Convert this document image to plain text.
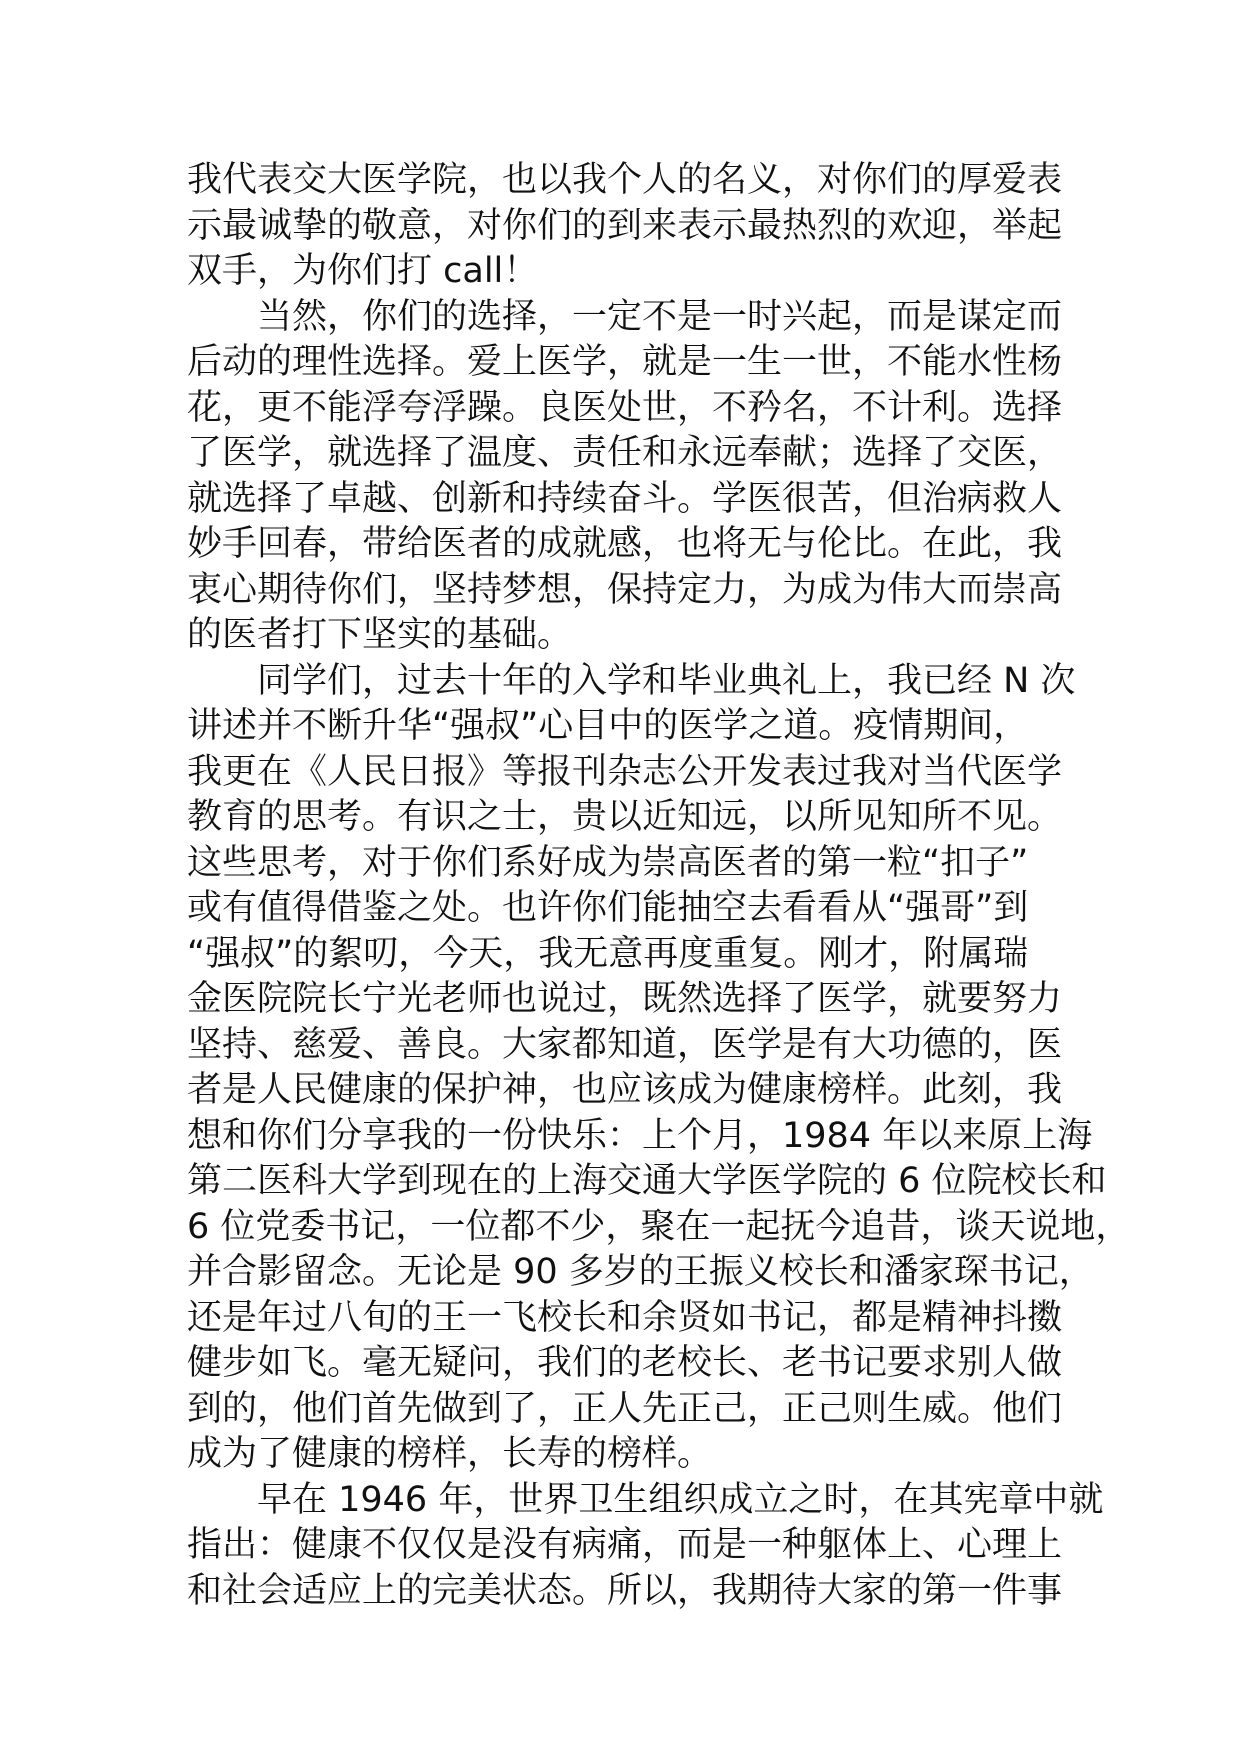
我代表交大医学院，也以我个人的名义，对你们的厚爱表
示最诚挚的敬意，对你们的到来表示最热烈的欢迎，举起
双手，为你们打 call！
当然，你们的选择，一定不是一时兴起，而是谋定而
后动的理性选择。爱上医学，就是一生一世，不能水性杨
花，更不能浮夸浮躁。良医处世，不矜名，不计利。选择
了医学，就选择了温度、责任和永远奉献；选择了交医，
就选择了卓越、创新和持续奋斗。学医很苦，但治病救人
妙手回春，带给医者的成就感，也将无与伦比。在此，我
衷心期待你们，坚持梦想，保持定力，为成为伟大而崇高
的医者打下坚实的基础。
同学们，过去十年的入学和毕业典礼上，我已经 N 次
讲述并不断升华“强叔”心目中的医学之道。疫情期间，
我更在《人民日报》等报刊杂志公开发表过我对当代医学
教育的思考。有识之士，贵以近知远，以所见知所不见。
这些思考，对于你们系好成为崇高医者的第一粒“扣子”
或有值得借鉴之处。也许你们能抽空去看看从“强哥”到
“强叔”的絮叨，今天，我无意再度重复。刚才，附属瑞
金医院院长宁光老师也说过，既然选择了医学，就要努力
坚持、慈爱、善良。大家都知道，医学是有大功德的，医
者是人民健康的保护神，也应该成为健康榜样。此刻，我
想和你们分享我的一份快乐：上个月，1984 年以来原上海
第二医科大学到现在的上海交通大学医学院的 6 位院校长和
6 位党委书记，一位都不少，聚在一起抚今追昔，谈天说地，
并合影留念。无论是 90 多岁的王振义校长和潘家琛书记，
还是年过八旬的王一飞校长和余贤如书记，都是精神抖擞
健步如飞。毫无疑问，我们的老校长、老书记要求别人做
到的，他们首先做到了，正人先正己，正己则生威。他们
成为了健康的榜样，长寿的榜样。
早在 1946 年，世界卫生组织成立之时，在其宪章中就
指出：健康不仅仅是没有病痛，而是一种躯体上、心理上
和社会适应上的完美状态。所以，我期待大家的第一件事
